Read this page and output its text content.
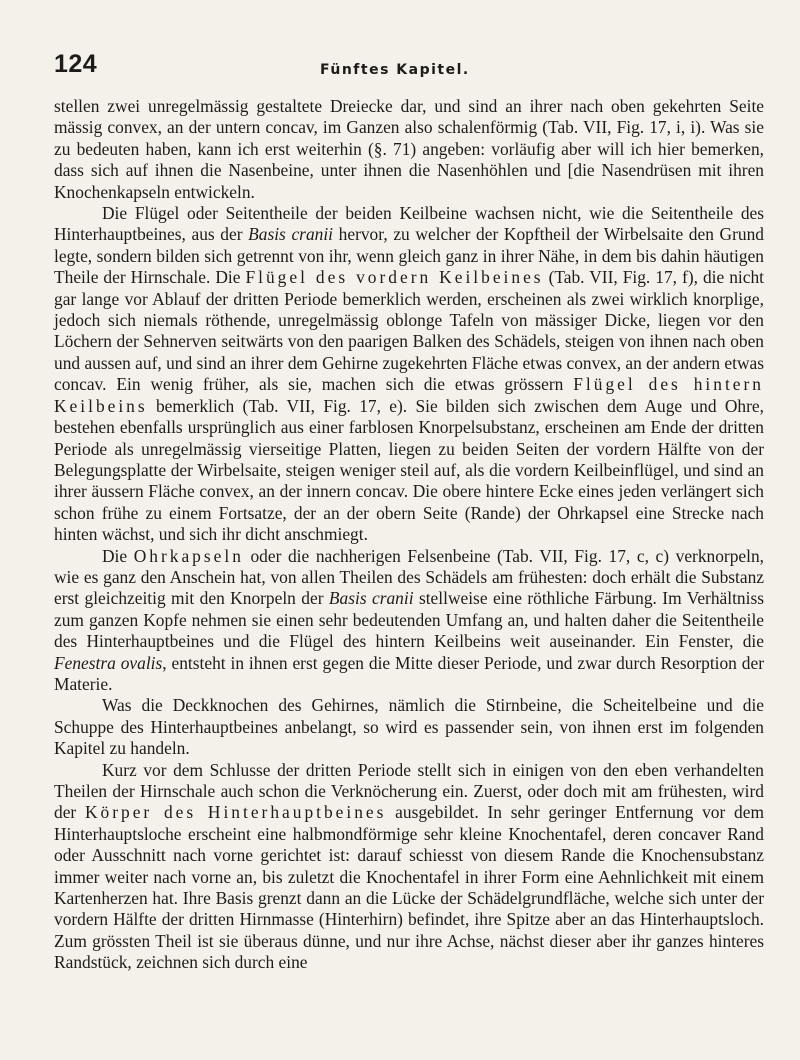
124	Fünftes Kapitel.

stellen zwei unregelmässig gestaltete Dreiecke dar, und sind an ihrer nach oben gekehrten Seite mässig convex, an der untern concav, im Ganzen also schalenförmig (Tab. VII, Fig. 17, i, i). Was sie zu bedeuten haben, kann ich erst weiterhin (§. 71) angeben: vorläufig aber will ich hier bemerken, dass sich auf ihnen die Nasenbeine, unter ihnen die Nasenhöhlen und [die Nasendrüsen mit ihren Knochenkapseln entwickeln.

Die Flügel oder Seitentheile der beiden Keilbeine wachsen nicht, wie die Seitentheile des Hinterhauptbeines, aus der Basis cranii hervor, zu welcher der Kopftheil der Wirbelsaite den Grund legte, sondern bilden sich getrennt von ihr, wenn gleich ganz in ihrer Nähe, in dem bis dahin häutigen Theile der Hirnschale. Die Flügel des vordern Keilbeines (Tab. VII, Fig. 17, f), die nicht gar lange vor Ablauf der dritten Periode bemerklich werden, erscheinen als zwei wirklich knorplige, jedoch sich niemals röthende, unregelmässig oblonge Tafeln von mässiger Dicke, liegen vor den Löchern der Sehnerven seitwärts von den paarigen Balken des Schädels, steigen von ihnen nach oben und aussen auf, und sind an ihrer dem Gehirne zugekehrten Fläche etwas convex, an der andern etwas concav. Ein wenig früher, als sie, machen sich die etwas grössern Flügel des hintern Keilbeins bemerklich (Tab. VII, Fig. 17, e). Sie bilden sich zwischen dem Auge und Ohre, bestehen ebenfalls ursprünglich aus einer farblosen Knorpelsubstanz, erscheinen am Ende der dritten Periode als unregelmässig vierseitige Platten, liegen zu beiden Seiten der vordern Hälfte von der Belegungsplatte der Wirbelsaite, steigen weniger steil auf, als die vordern Keilbeinflügel, und sind an ihrer äussern Fläche convex, an der innern concav. Die obere hintere Ecke eines jeden verlängert sich schon frühe zu einem Fortsatze, der an der obern Seite (Rande) der Ohrkapsel eine Strecke nach hinten wächst, und sich ihr dicht anschmiegt.

Die Ohrkapseln oder die nachherigen Felsenbeine (Tab. VII, Fig. 17, c, c) verknorpeln, wie es ganz den Anschein hat, von allen Theilen des Schädels am frühesten: doch erhält die Substanz erst gleichzeitig mit den Knorpeln der Basis cranii stellweise eine röthliche Färbung. Im Verhältniss zum ganzen Kopfe nehmen sie einen sehr bedeutenden Umfang an, und halten daher die Seitentheile des Hinterhauptbeines und die Flügel des hintern Keilbeins weit auseinander. Ein Fenster, die Fenestra ovalis, entsteht in ihnen erst gegen die Mitte dieser Periode, und zwar durch Resorption der Materie.

Was die Deckknochen des Gehirnes, nämlich die Stirnbeine, die Scheitelbeine und die Schuppe des Hinterhauptbeines anbelangt, so wird es passender sein, von ihnen erst im folgenden Kapitel zu handeln.

Kurz vor dem Schlusse der dritten Periode stellt sich in einigen von den eben verhandelten Theilen der Hirnschale auch schon die Verknöcherung ein. Zuerst, oder doch mit am frühesten, wird der Körper des Hinterhauptbeines ausgebildet. In sehr geringer Entfernung vor dem Hinterhauptsloche erscheint eine halbmondförmige sehr kleine Knochentafel, deren concaver Rand oder Ausschnitt nach vorne gerichtet ist: darauf schiesst von diesem Rande die Knochensubstanz immer weiter nach vorne an, bis zuletzt die Knochentafel in ihrer Form eine Aehnlichkeit mit einem Kartenherzen hat. Ihre Basis grenzt dann an die Lücke der Schädelgrundfläche, welche sich unter der vordern Hälfte der dritten Hirnmasse (Hinterhirn) befindet, ihre Spitze aber an das Hinterhauptsloch. Zum grössten Theil ist sie überaus dünne, und nur ihre Achse, nächst dieser aber ihr ganzes hinteres Randstück, zeichnen sich durch eine
